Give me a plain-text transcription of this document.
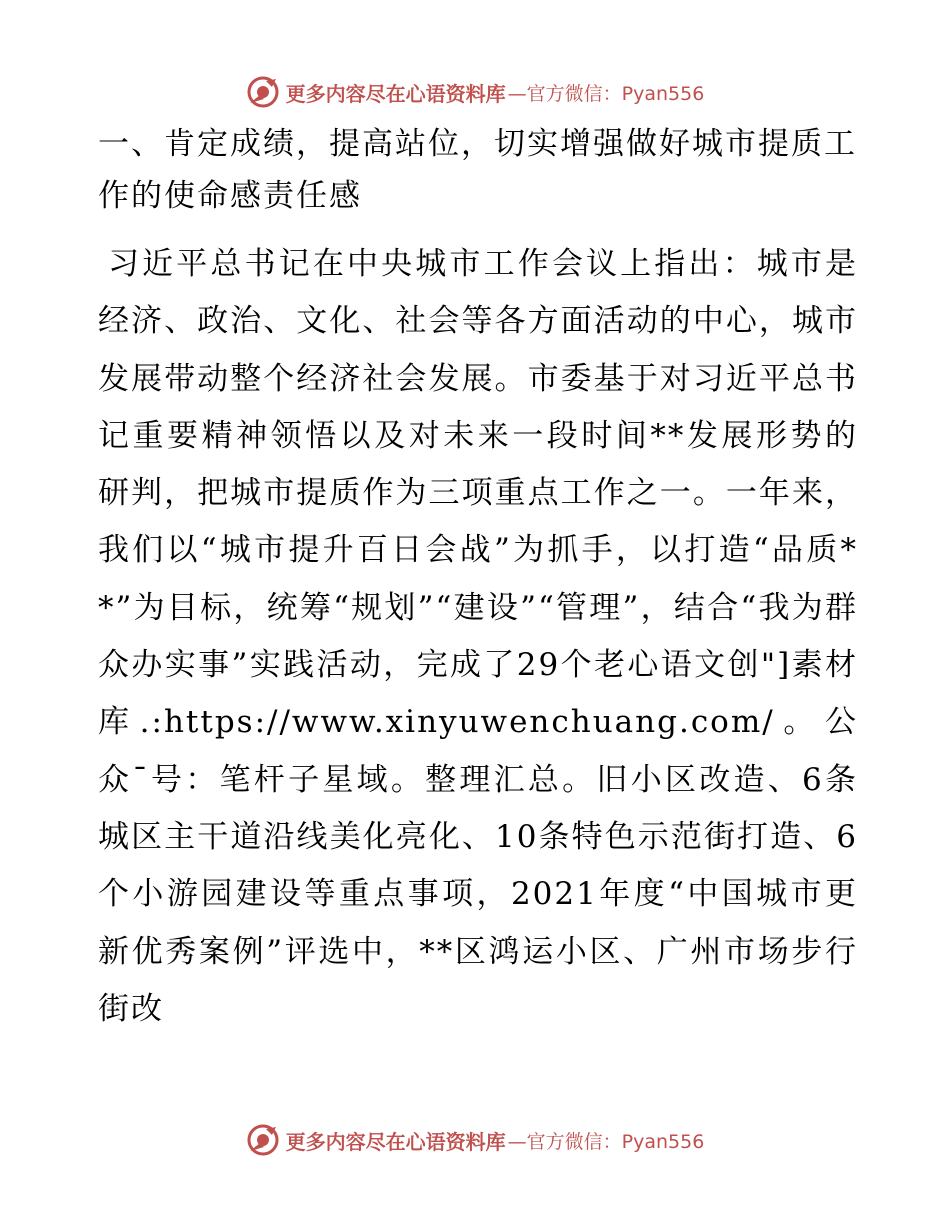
更多内容尽在心语资料库 —官方微信：Pyan556
一、肯定成绩，提高站位，切实增强做好城市提质工作的使命感责任感

习近平总书记在中央城市工作会议上指出：城市是经济、政治、文化、社会等各方面活动的中心，城市发展带动整个经济社会发展。市委基于对习近平总书记重要精神领悟以及对未来一段时间**发展形势的研判，把城市提质作为三项重点工作之一。一年来，我们以“城市提升百日会战”为抓手，以打造“品质**”为目标，统筹“规划”“建设”“管理”，结合“我为群众办实事”实践活动，完成了29个老心语文创"]素材库.:https://www.xinyuwenchuang.com/。公众¯号：笔杆子星域。整理汇总。旧小区改造、6条城区主干道沿线美化亮化、10条特色示范街打造、6个小游园建设等重点事项，2021年度“中国城市更新优秀案例”评选中，**区鸿运小区、广州市场步行街改

更多内容尽在心语资料库 —官方微信：Pyan556
